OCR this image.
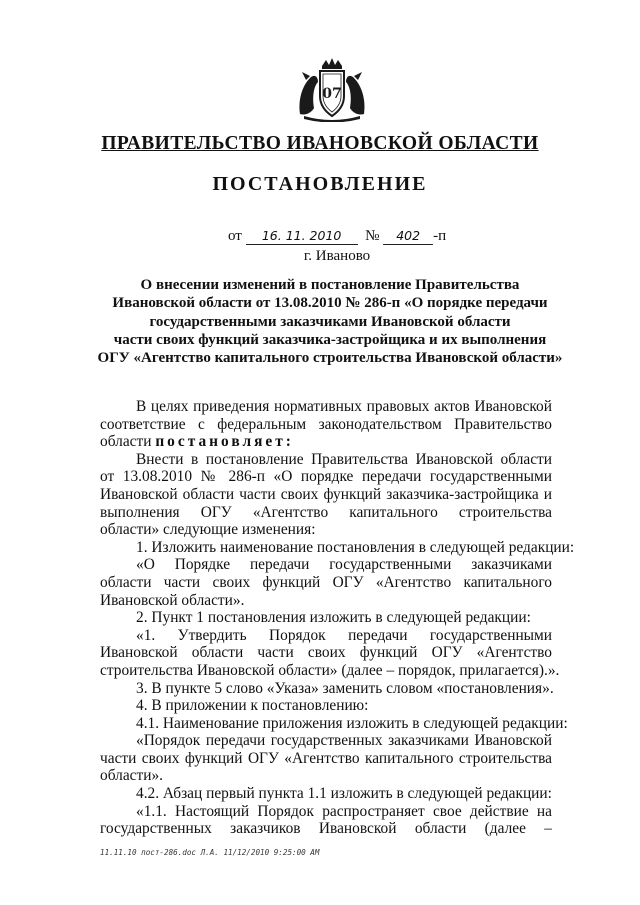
07
ПРАВИТЕЛЬСТВО ИВАНОВСКОЙ ОБЛАСТИ
ПОСТАНОВЛЕНИЕ
от 16. 11. 2010 № 402 -п
г. Иваново
О внесении изменений в постановление Правительства
Ивановской области от 13.08.2010 № 286-п «О порядке передачи
государственными заказчиками Ивановской области
части своих функций заказчика-застройщика и их выполнения
ОГУ «Агентство капитального строительства Ивановской области»
В целях приведения нормативных правовых актов Ивановской
соответствие с федеральным законодательством Правительство
области постановляет:
Внести в постановление Правительства Ивановской области
от 13.08.2010 № 286-п «О порядке передачи государственными
Ивановской области части своих функций заказчика-застройщика и
выполнения ОГУ «Агентство капитального строительства
области» следующие изменения:
1. Изложить наименование постановления в следующей редакции:
«О Порядке передачи государственными заказчиками
области части своих функций ОГУ «Агентство капитального
Ивановской области».
2. Пункт 1 постановления изложить в следующей редакции:
«1. Утвердить Порядок передачи государственными
Ивановской области части своих функций ОГУ «Агентство
строительства Ивановской области» (далее – порядок, прилагается).».
3. В пункте 5 слово «Указа» заменить словом «постановления».
4. В приложении к постановлению:
4.1. Наименование приложения изложить в следующей редакции:
«Порядок передачи государственных заказчиками Ивановской
части своих функций ОГУ «Агентство капитального строительства
области».
4.2. Абзац первый пункта 1.1 изложить в следующей редакции:
«1.1. Настоящий Порядок распространяет свое действие на
государственных заказчиков Ивановской области (далее –
11.11.10 пост-286.doc Л.А. 11/12/2010 9:25:00 AM
